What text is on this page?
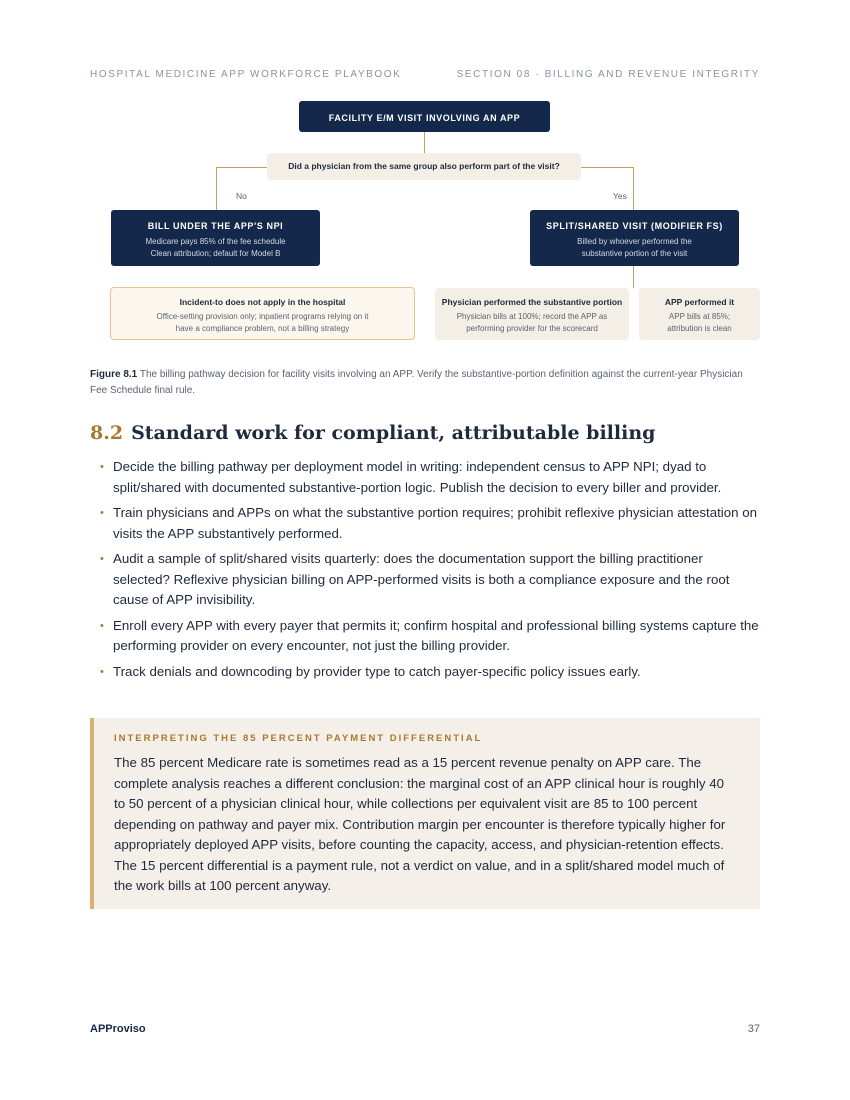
HOSPITAL MEDICINE APP WORKFORCE PLAYBOOK	SECTION 08 · BILLING AND REVENUE INTEGRITY
FACILITY E/M VISIT INVOLVING AN APP
Did a physician from the same group also perform part of the visit?
No	Yes
BILL UNDER THE APP'S NPI
Medicare pays 85% of the fee schedule
Clean attribution; default for Model B
SPLIT/SHARED VISIT (MODIFIER FS)
Billed by whoever performed the
substantive portion of the visit
Incident-to does not apply in the hospital
Office-setting provision only; inpatient programs relying on it
have a compliance problem, not a billing strategy
Physician performed the substantive portion
Physician bills at 100%; record the APP as
performing provider for the scorecard
APP performed it
APP bills at 85%;
attribution is clean
Figure 8.1 The billing pathway decision for facility visits involving an APP. Verify the substantive-portion definition against the current-year Physician Fee Schedule final rule.
8.2 Standard work for compliant, attributable billing
• Decide the billing pathway per deployment model in writing: independent census to APP NPI; dyad to split/shared with documented substantive-portion logic. Publish the decision to every biller and provider.
• Train physicians and APPs on what the substantive portion requires; prohibit reflexive physician attestation on visits the APP substantively performed.
• Audit a sample of split/shared visits quarterly: does the documentation support the billing practitioner selected? Reflexive physician billing on APP-performed visits is both a compliance exposure and the root cause of APP invisibility.
• Enroll every APP with every payer that permits it; confirm hospital and professional billing systems capture the performing provider on every encounter, not just the billing provider.
• Track denials and downcoding by provider type to catch payer-specific policy issues early.
INTERPRETING THE 85 PERCENT PAYMENT DIFFERENTIAL
The 85 percent Medicare rate is sometimes read as a 15 percent revenue penalty on APP care. The complete analysis reaches a different conclusion: the marginal cost of an APP clinical hour is roughly 40 to 50 percent of a physician clinical hour, while collections per equivalent visit are 85 to 100 percent depending on pathway and payer mix. Contribution margin per encounter is therefore typically higher for appropriately deployed APP visits, before counting the capacity, access, and physician-retention effects. The 15 percent differential is a payment rule, not a verdict on value, and in a split/shared model much of the work bills at 100 percent anyway.
APProviso	37
